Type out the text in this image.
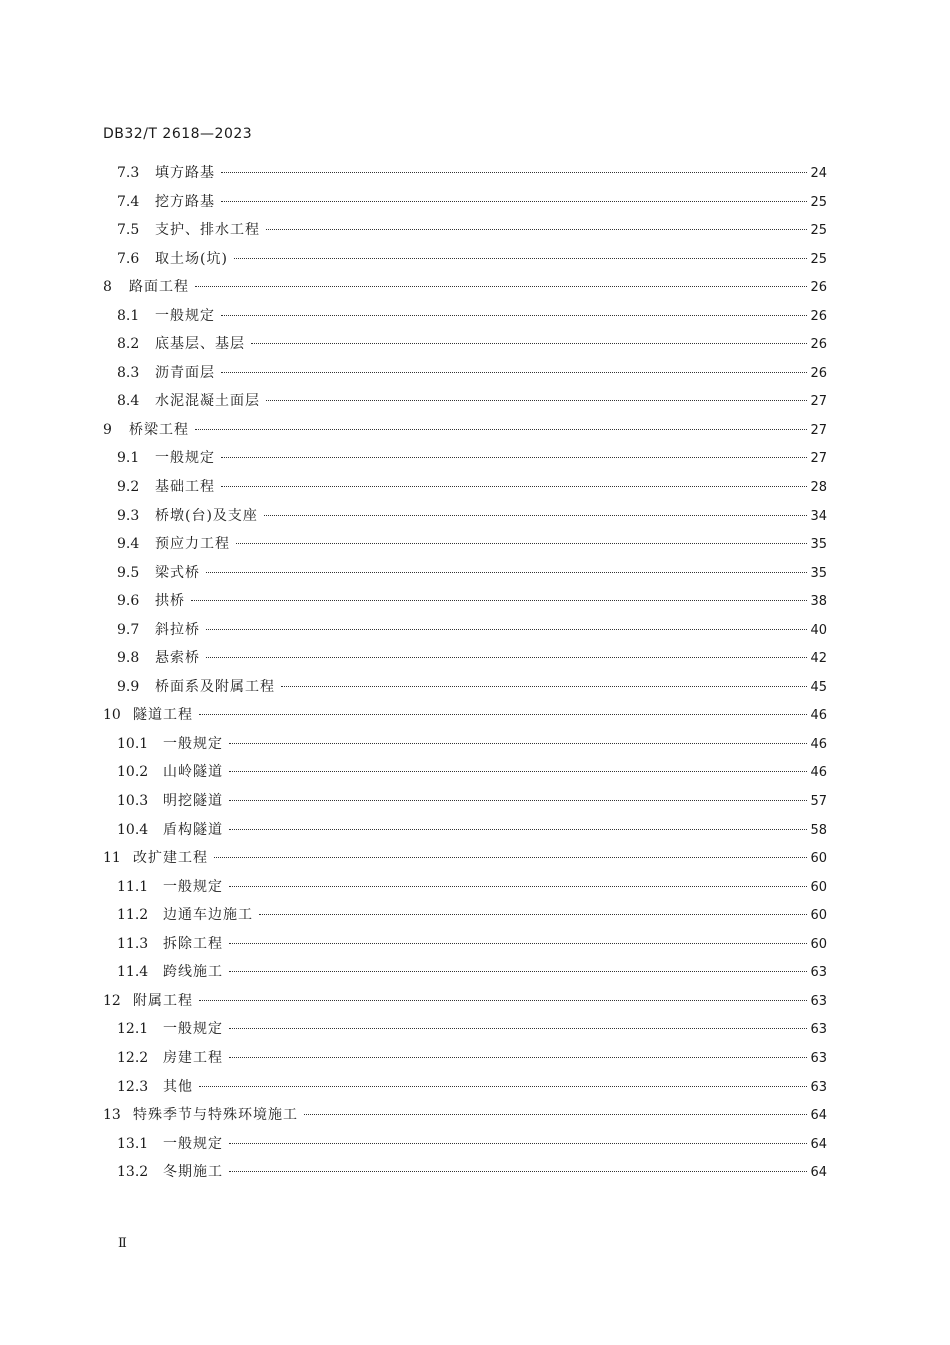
DB32/T 2618—2023
7.3	填方路基	24
7.4	挖方路基	25
7.5	支护、排水工程	25
7.6	取土场(坑)	25
8	路面工程	26
8.1	一般规定	26
8.2	底基层、基层	26
8.3	沥青面层	26
8.4	水泥混凝土面层	27
9	桥梁工程	27
9.1	一般规定	27
9.2	基础工程	28
9.3	桥墩(台)及支座	34
9.4	预应力工程	35
9.5	梁式桥	35
9.6	拱桥	38
9.7	斜拉桥	40
9.8	悬索桥	42
9.9	桥面系及附属工程	45
10 隧道工程	46
10.1	一般规定	46
10.2	山岭隧道	46
10.3	明挖隧道	57
10.4	盾构隧道	58
11 改扩建工程	60
11.1	一般规定	60
11.2	边通车边施工	60
11.3	拆除工程	60
11.4	跨线施工	63
12 附属工程	63
12.1	一般规定	63
12.2	房建工程	63
12.3	其他	63
13 特殊季节与特殊环境施工	64
13.1	一般规定	64
13.2	冬期施工	64
Ⅱ
